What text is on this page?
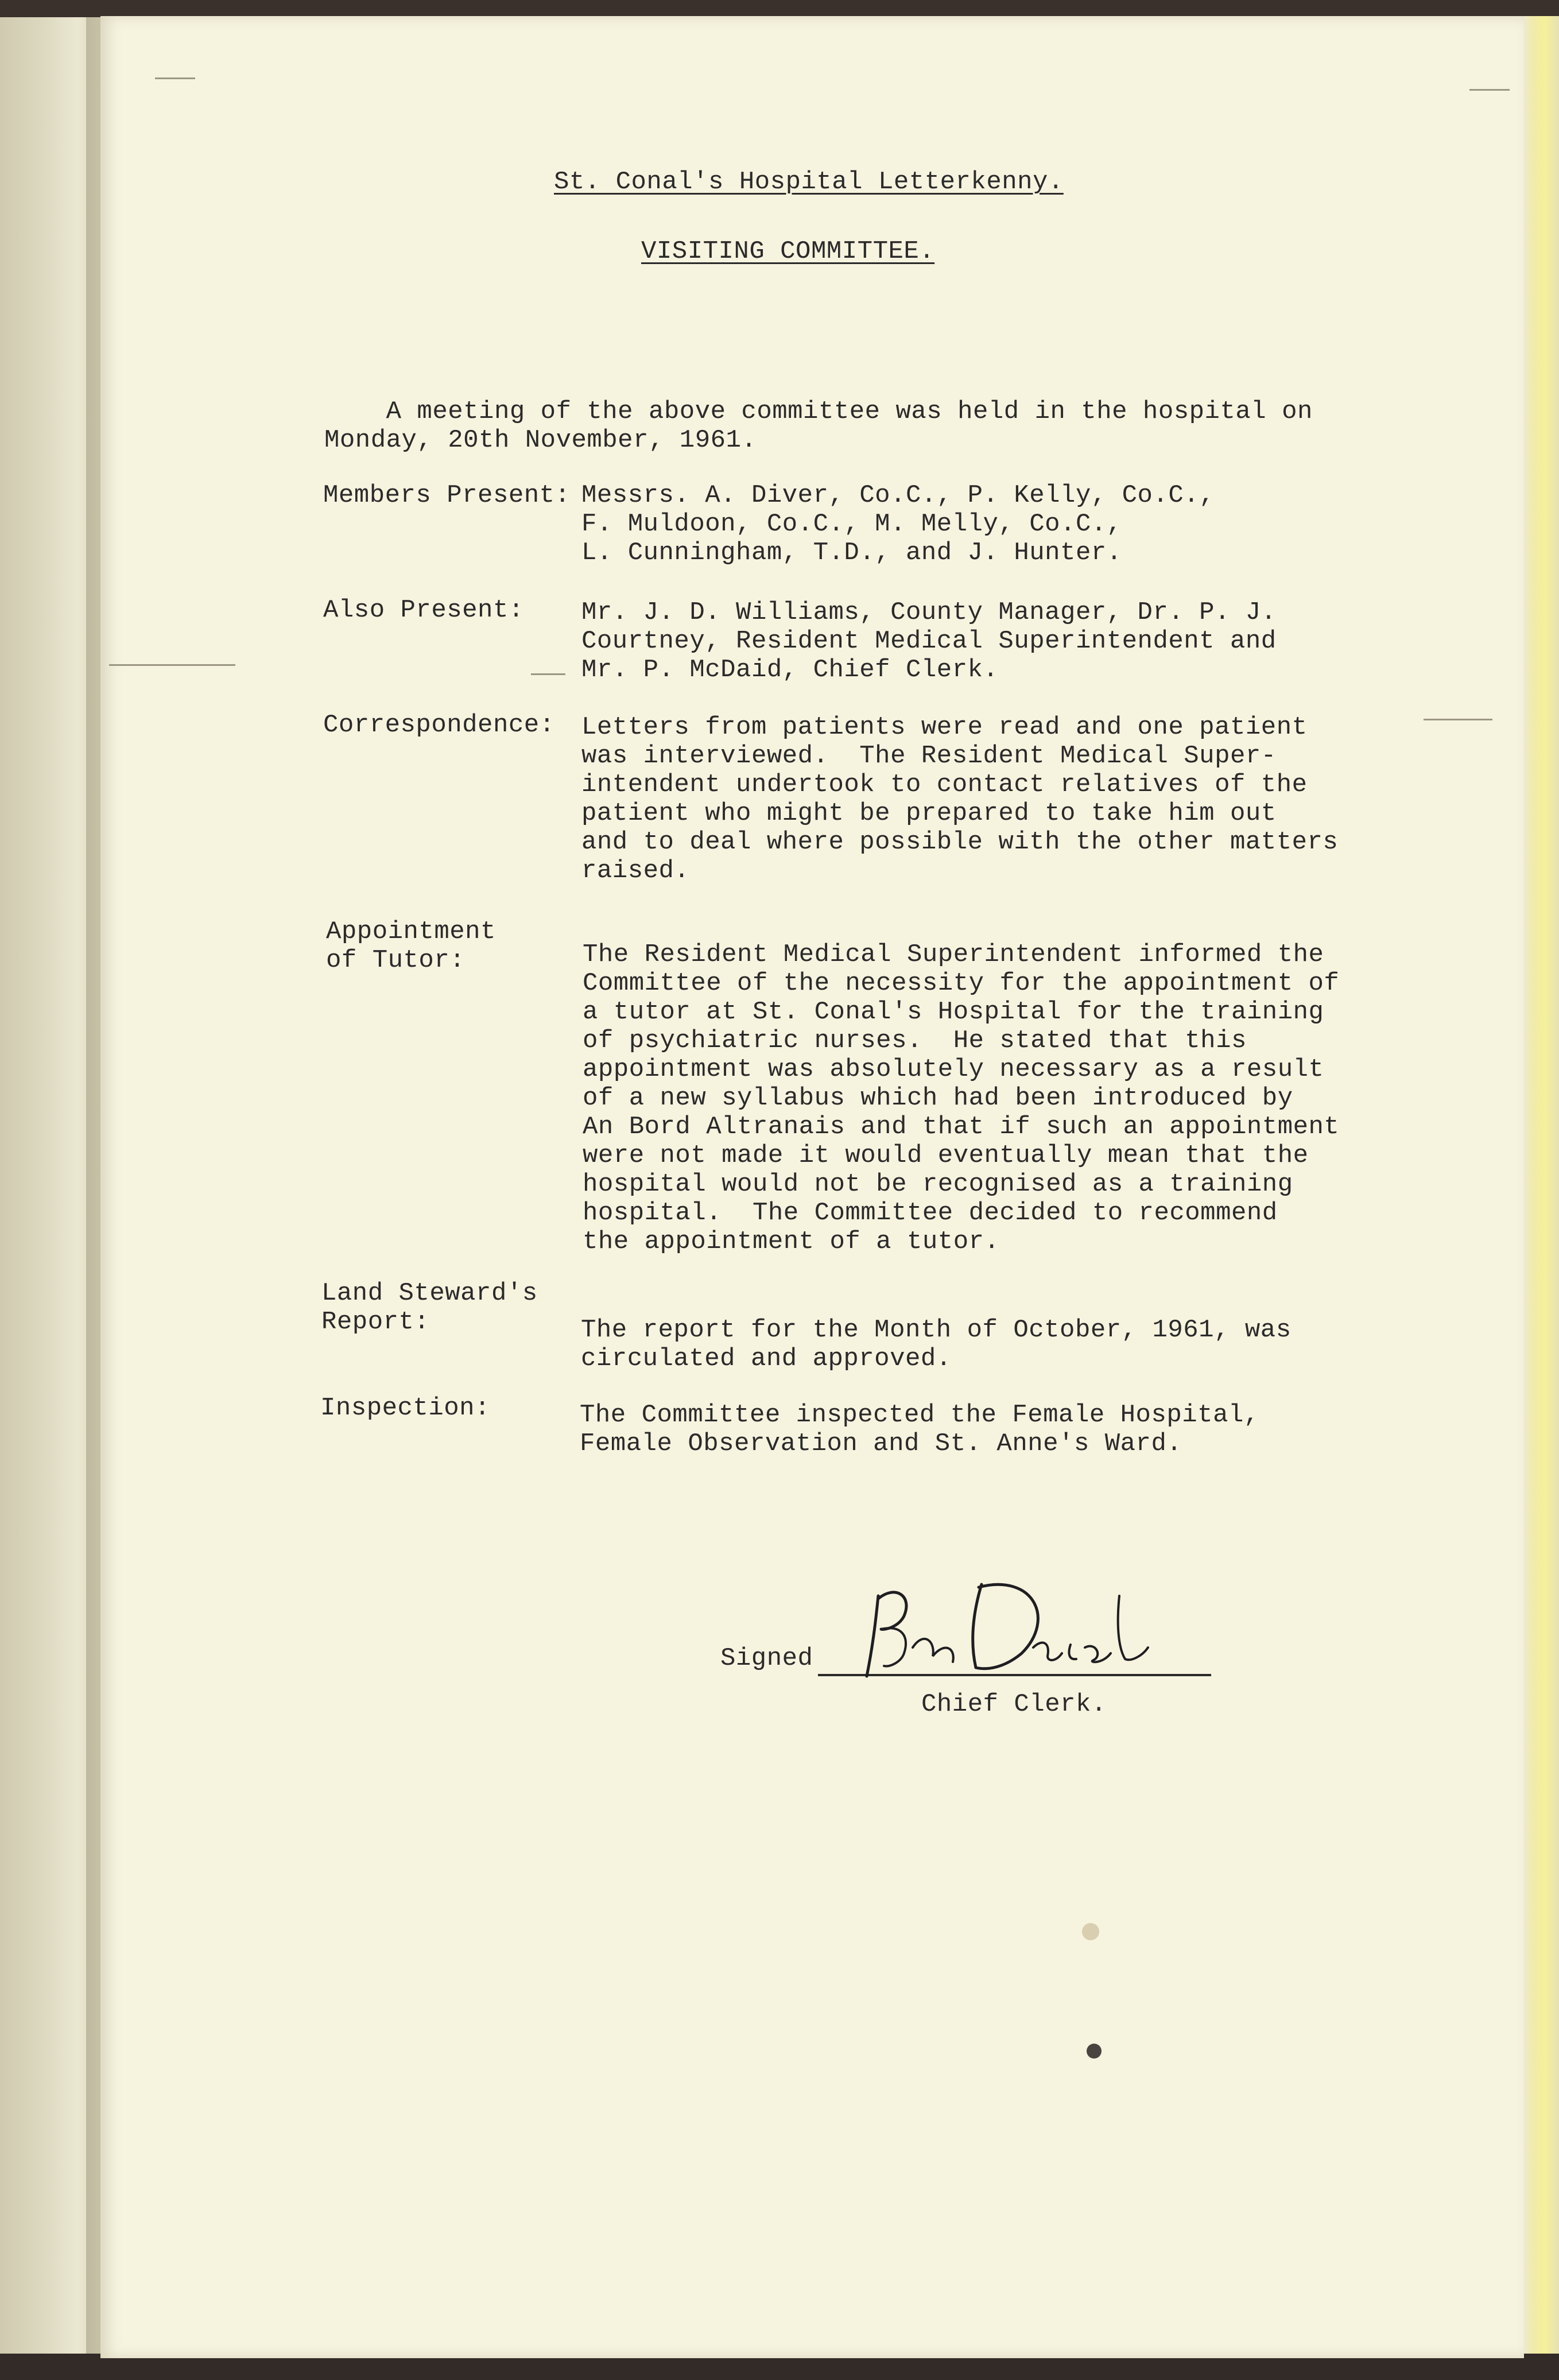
St. Conal's Hospital Letterkenny.
VISITING COMMITTEE.
A meeting of the above committee was held in the hospital on
Monday, 20th November, 1961.
Members Present: Messrs. A. Diver, Co.C., P. Kelly, Co.C.,
F. Muldoon, Co.C., M. Melly, Co.C.,
L. Cunningham, T.D., and J. Hunter.
Also Present: Mr. J. D. Williams, County Manager, Dr. P. J.
Courtney, Resident Medical Superintendent and
Mr. P. McDaid, Chief Clerk.
Correspondence: Letters from patients were read and one patient
was interviewed.  The Resident Medical Super-
intendent undertook to contact relatives of the
patient who might be prepared to take him out
and to deal where possible with the other matters
raised.
Appointment
of Tutor:	The Resident Medical Superintendent informed the
Committee of the necessity for the appointment of
a tutor at St. Conal's Hospital for the training
of psychiatric nurses.  He stated that this
appointment was absolutely necessary as a result
of a new syllabus which had been introduced by
An Bord Altranais and that if such an appointment
were not made it would eventually mean that the
hospital would not be recognised as a training
hospital.  The Committee decided to recommend
the appointment of a tutor.
Land Steward's
Report:	The report for the Month of October, 1961, was
circulated and approved.
Inspection:	The Committee inspected the Female Hospital,
Female Observation and St. Anne's Ward.
Signed
Chief Clerk.
